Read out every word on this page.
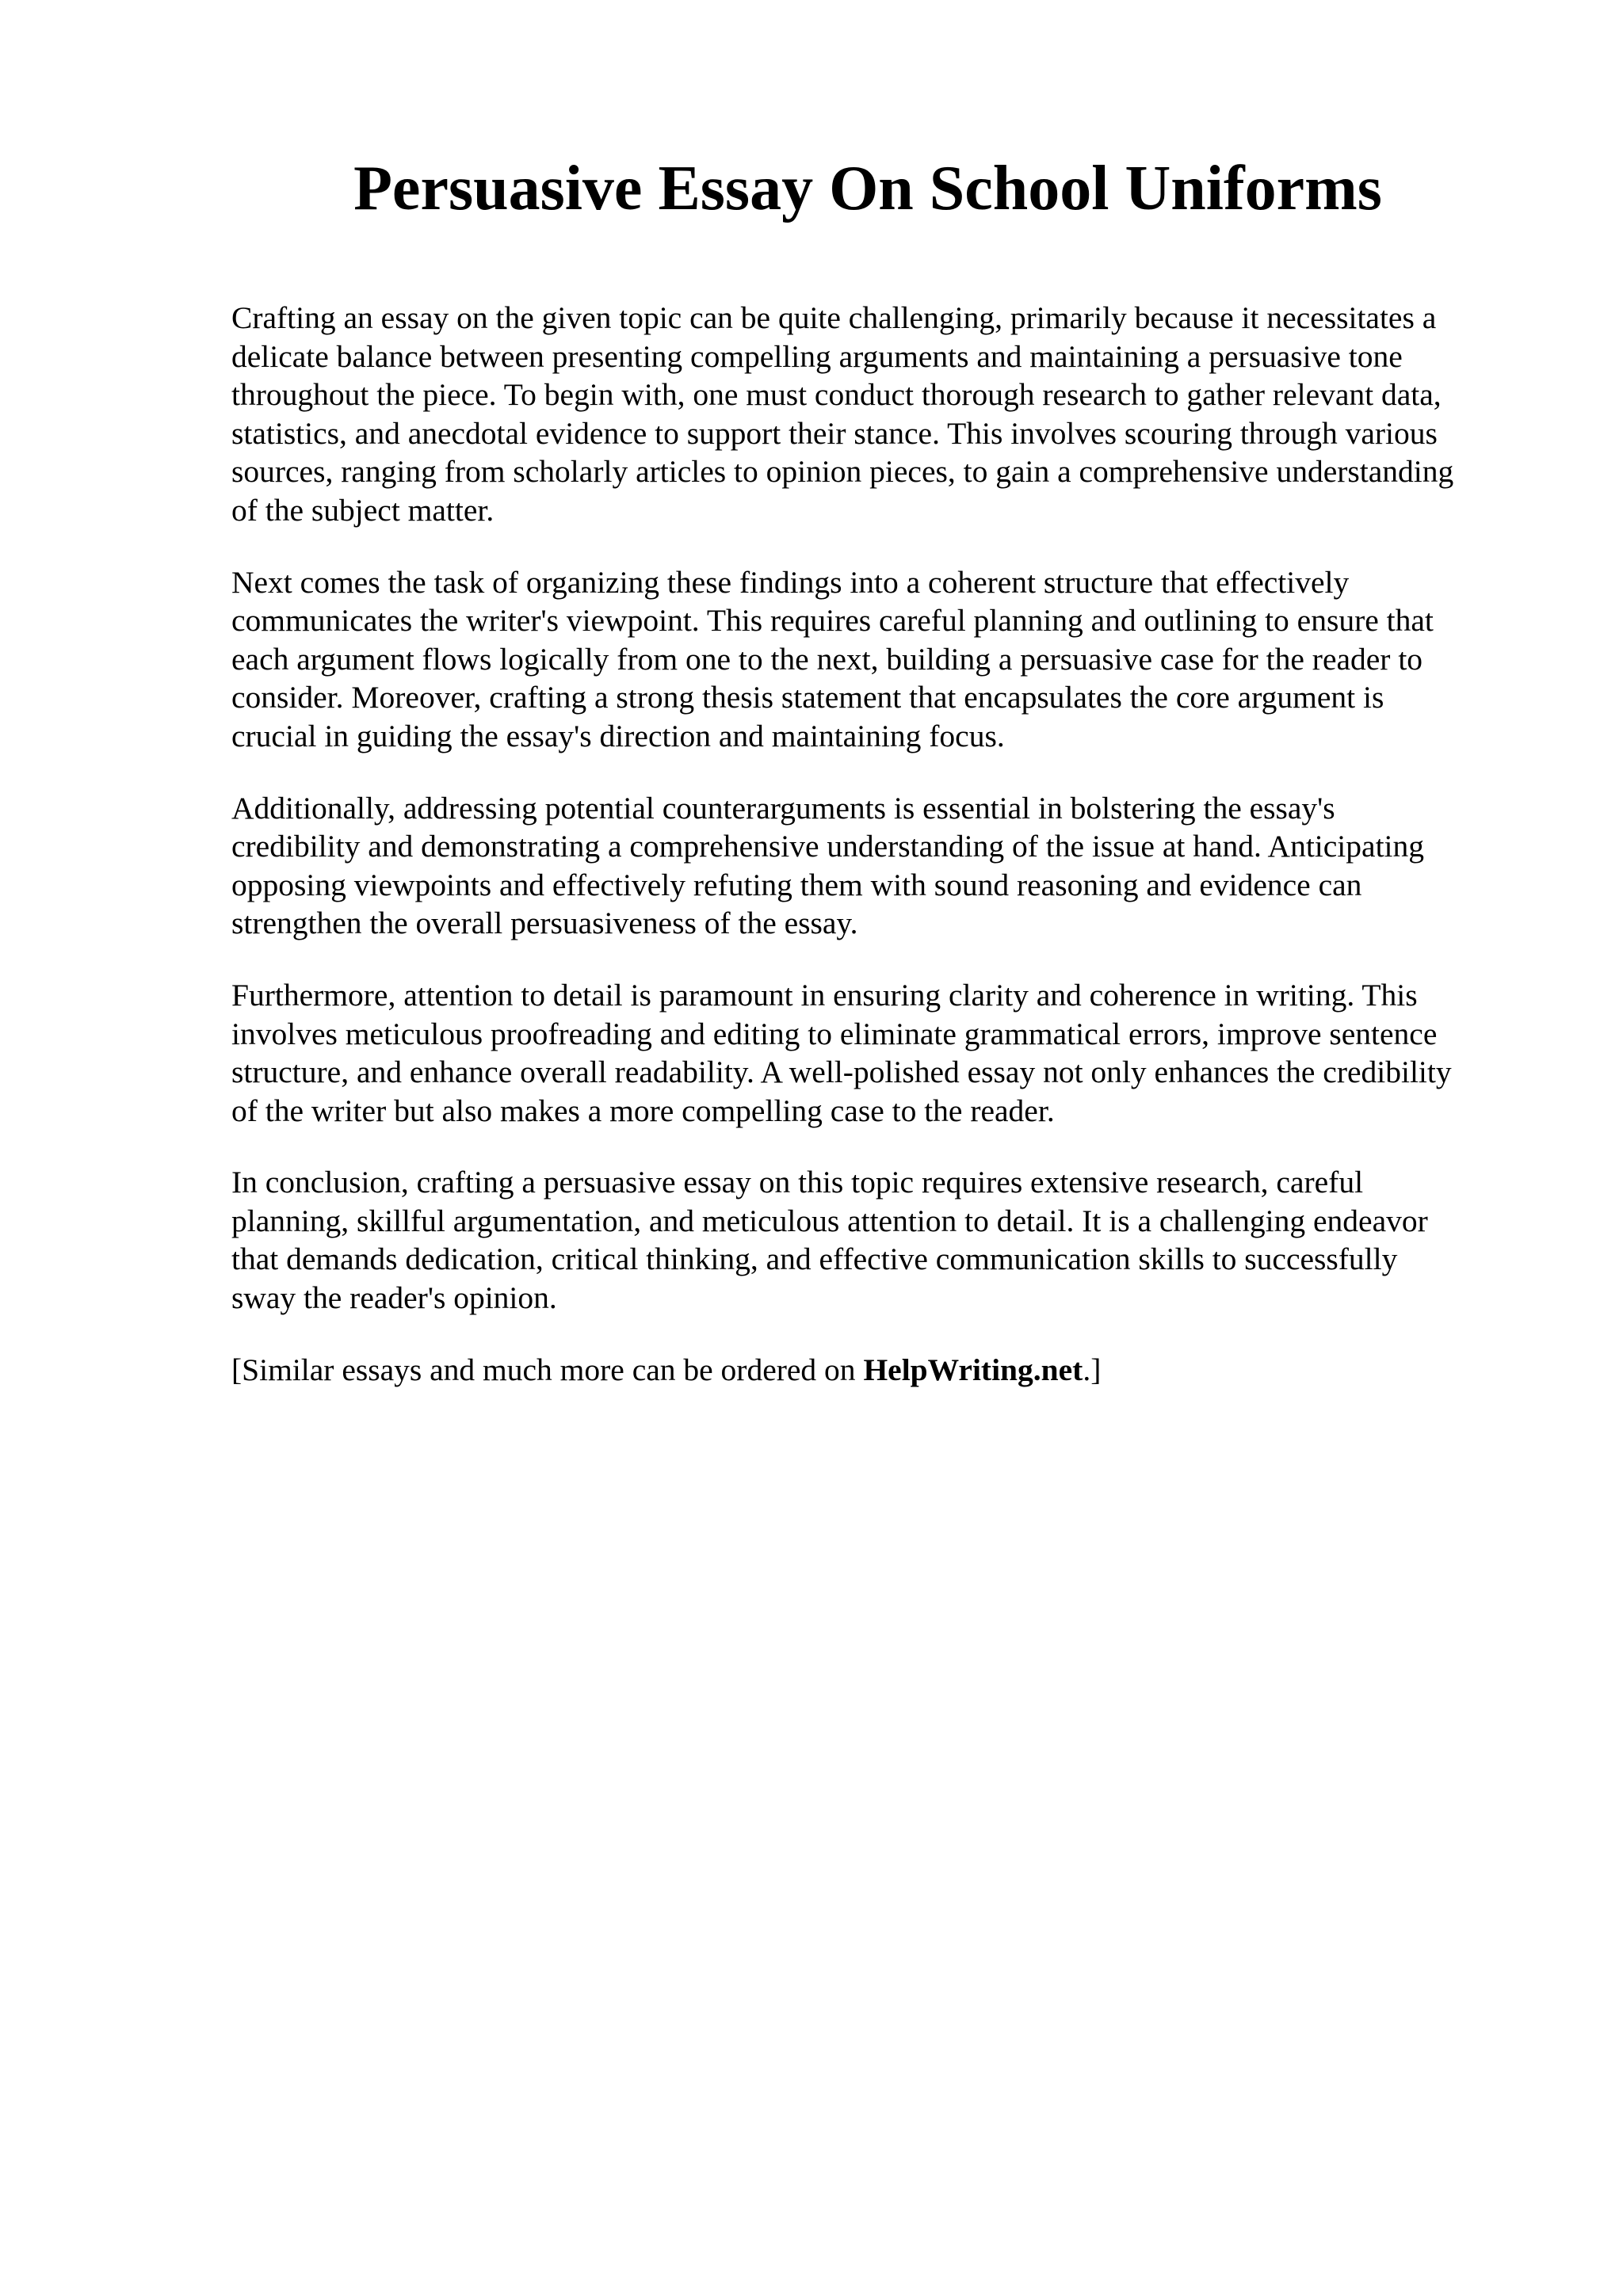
Persuasive Essay On School Uniforms

Crafting an essay on the given topic can be quite challenging, primarily because it necessitates a
delicate balance between presenting compelling arguments and maintaining a persuasive tone
throughout the piece. To begin with, one must conduct thorough research to gather relevant data,
statistics, and anecdotal evidence to support their stance. This involves scouring through various
sources, ranging from scholarly articles to opinion pieces, to gain a comprehensive understanding
of the subject matter.

Next comes the task of organizing these findings into a coherent structure that effectively
communicates the writer's viewpoint. This requires careful planning and outlining to ensure that
each argument flows logically from one to the next, building a persuasive case for the reader to
consider. Moreover, crafting a strong thesis statement that encapsulates the core argument is
crucial in guiding the essay's direction and maintaining focus.

Additionally, addressing potential counterarguments is essential in bolstering the essay's
credibility and demonstrating a comprehensive understanding of the issue at hand. Anticipating
opposing viewpoints and effectively refuting them with sound reasoning and evidence can
strengthen the overall persuasiveness of the essay.

Furthermore, attention to detail is paramount in ensuring clarity and coherence in writing. This
involves meticulous proofreading and editing to eliminate grammatical errors, improve sentence
structure, and enhance overall readability. A well-polished essay not only enhances the credibility
of the writer but also makes a more compelling case to the reader.

In conclusion, crafting a persuasive essay on this topic requires extensive research, careful
planning, skillful argumentation, and meticulous attention to detail. It is a challenging endeavor
that demands dedication, critical thinking, and effective communication skills to successfully
sway the reader's opinion.

[Similar essays and much more can be ordered on HelpWriting.net.]
